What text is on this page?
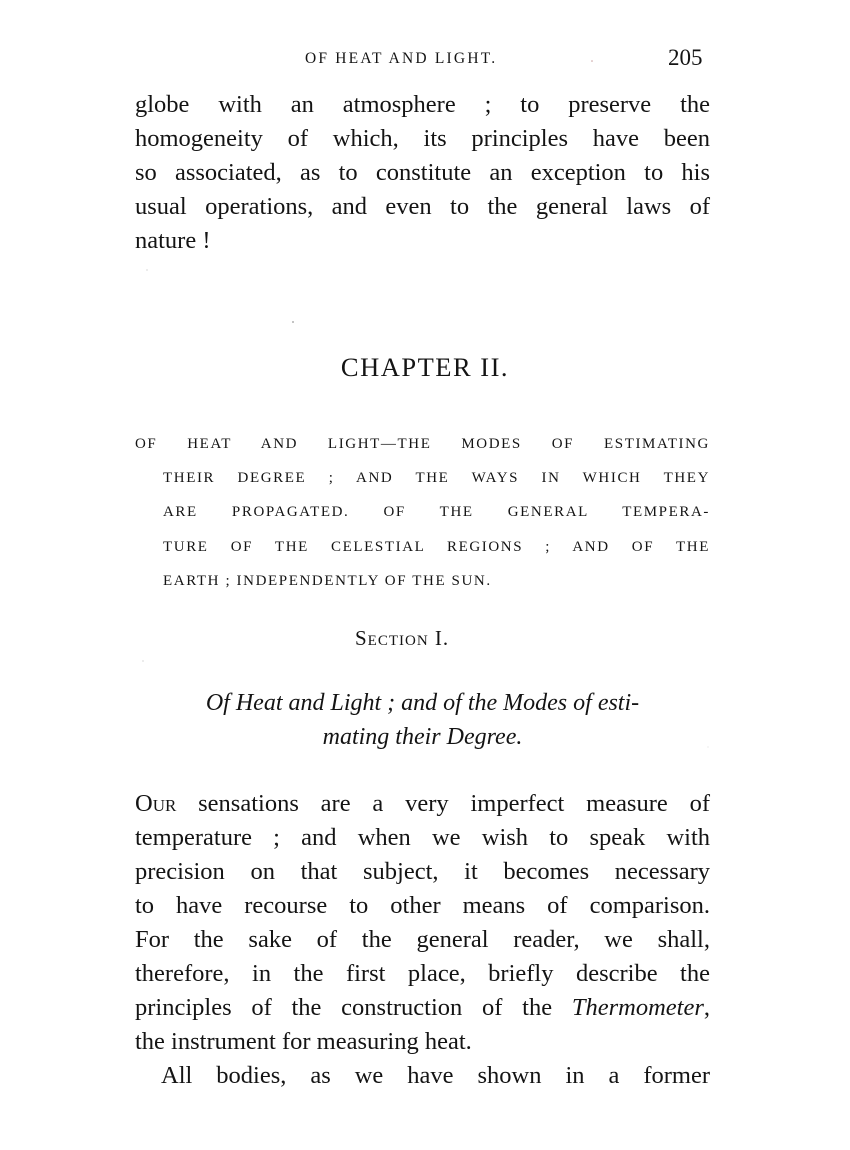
OF HEAT AND LIGHT.	205
globe with an atmosphere ; to preserve the
homogeneity of which, its principles have been
so associated, as to constitute an exception to his
usual operations, and even to the general laws of
nature !
CHAPTER II.
OF HEAT AND LIGHT—THE MODES OF ESTIMATING
THEIR DEGREE ; AND THE WAYS IN WHICH THEY
ARE PROPAGATED. OF THE GENERAL TEMPERA-
TURE OF THE CELESTIAL REGIONS ; AND OF THE
EARTH ; INDEPENDENTLY OF THE SUN.
Section I.
Of Heat and Light ; and of the Modes of esti-
mating their Degree.
Our sensations are a very imperfect measure of
temperature ; and when we wish to speak with
precision on that subject, it becomes necessary
to have recourse to other means of comparison.
For the sake of the general reader, we shall,
therefore, in the first place, briefly describe the
principles of the construction of the Thermometer,
the instrument for measuring heat.
All bodies, as we have shown in a former
